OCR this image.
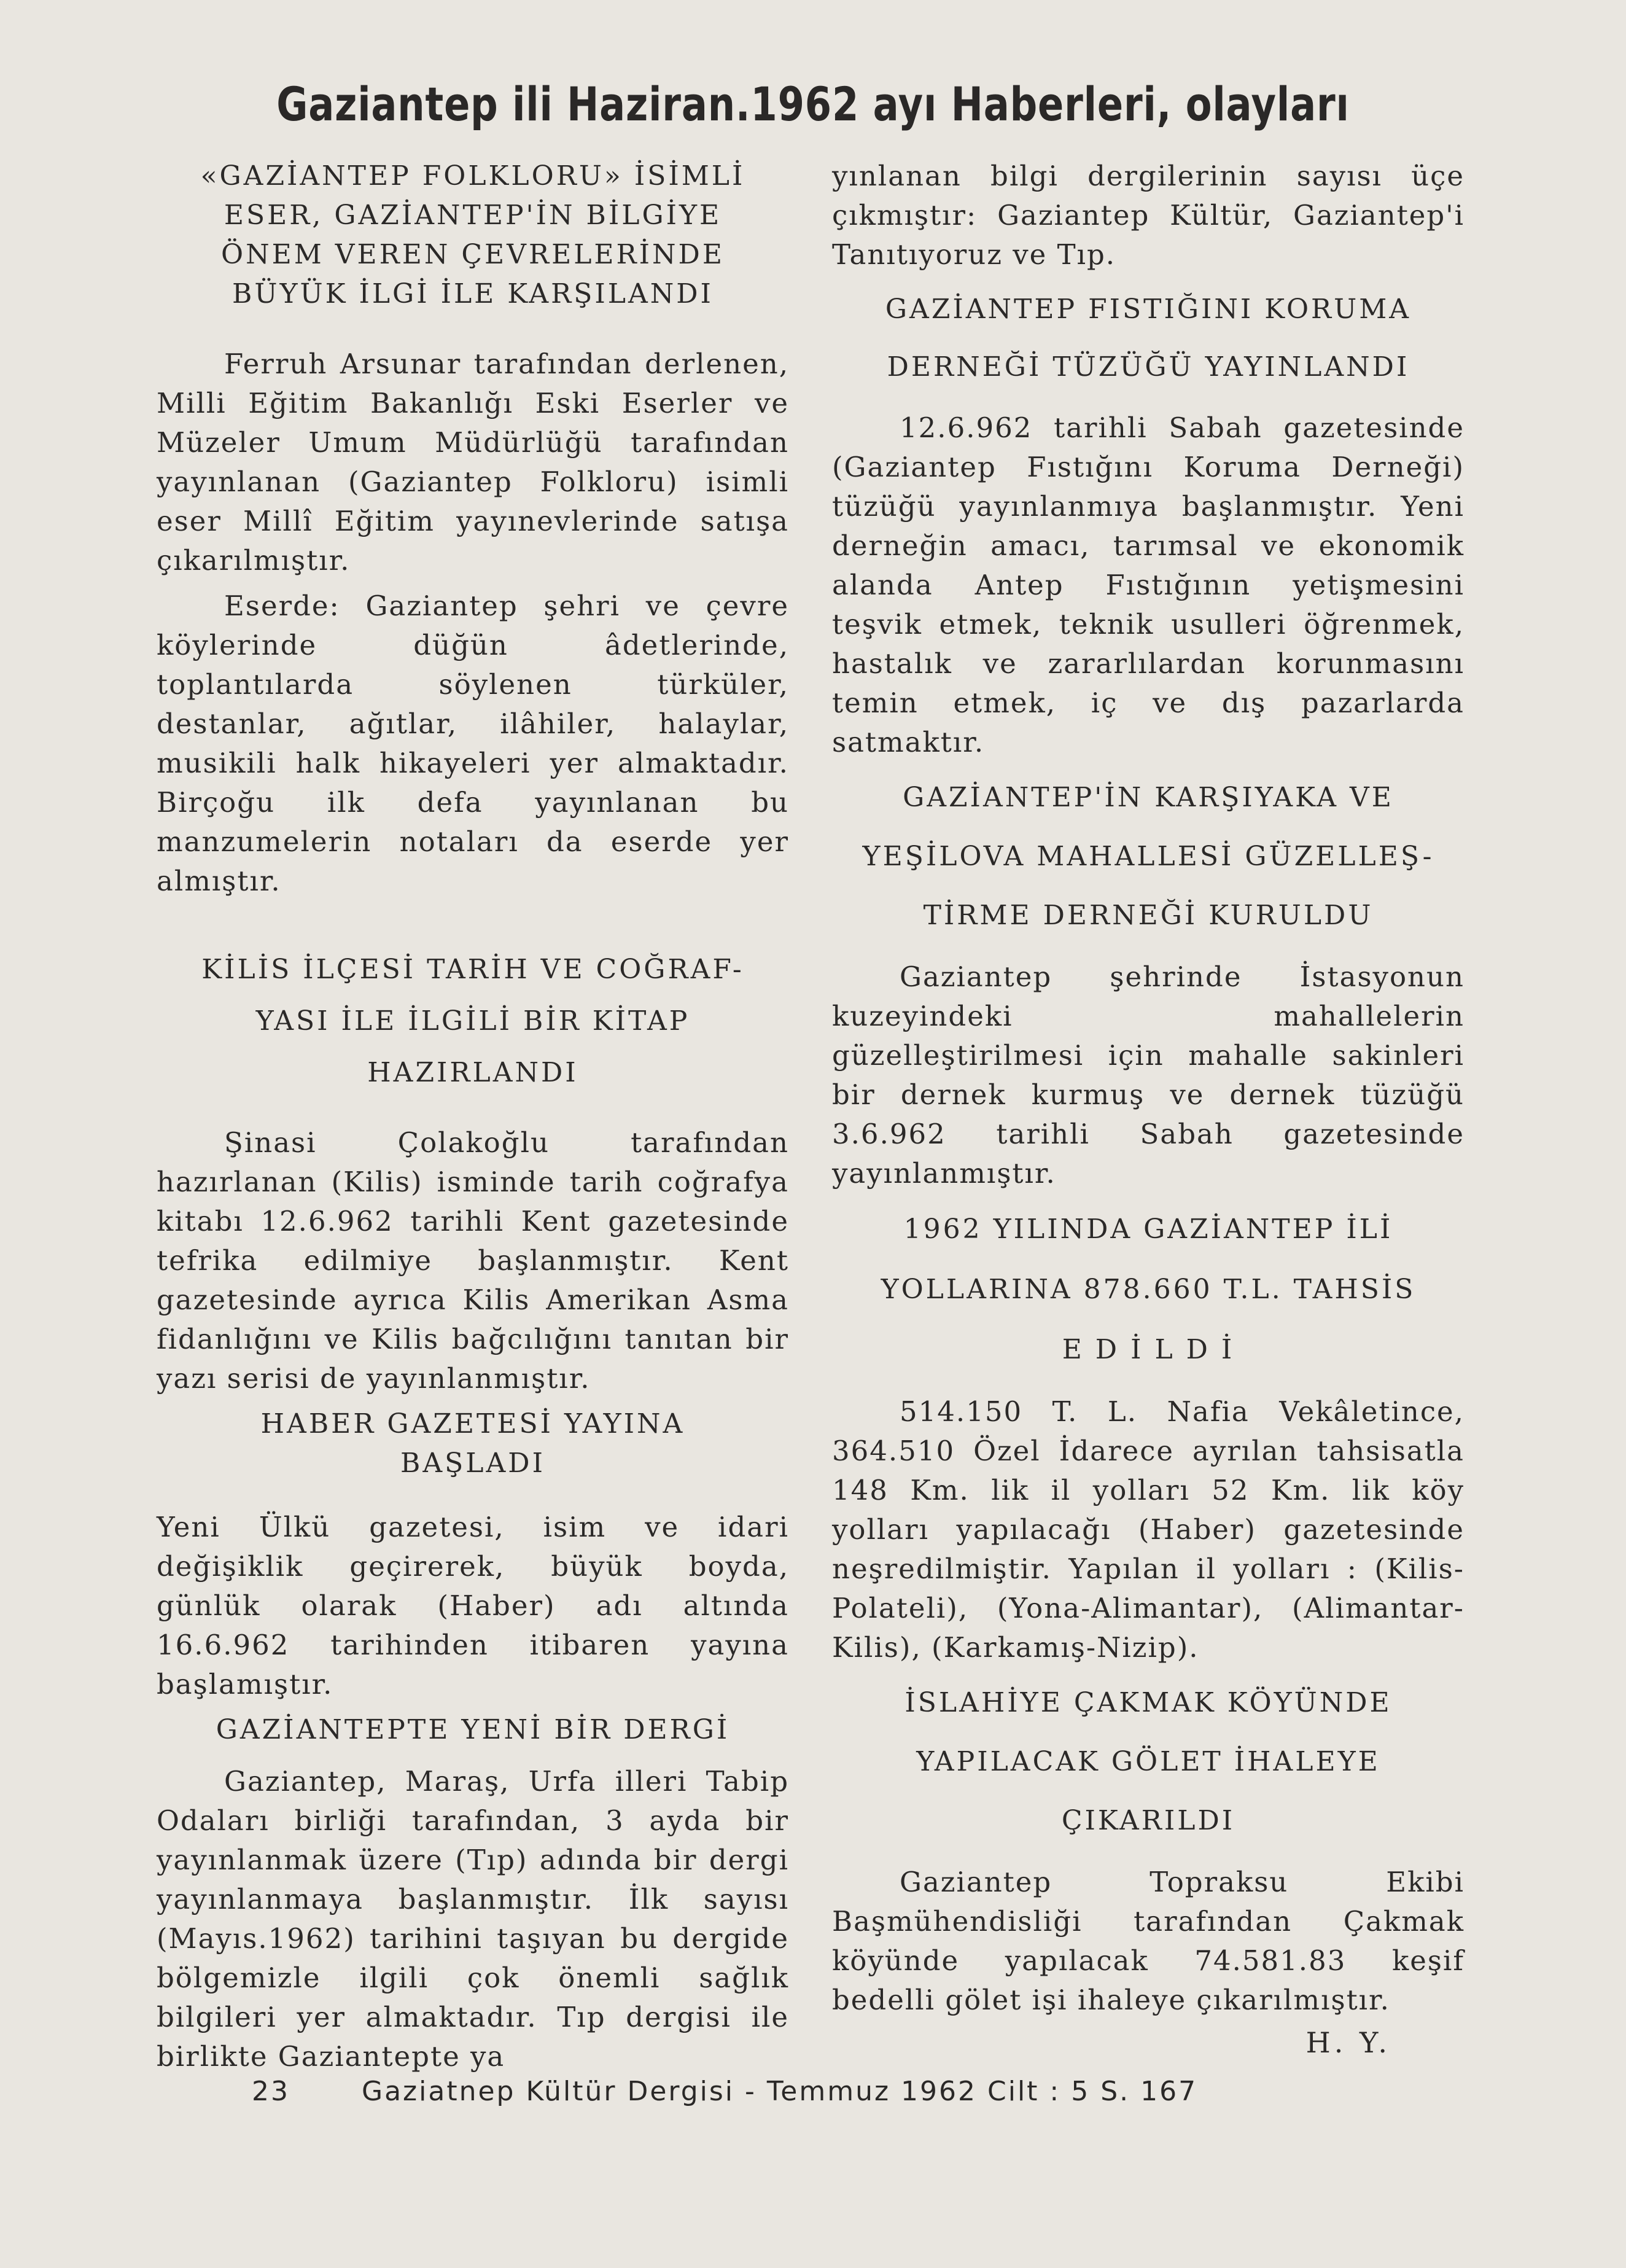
Gaziantep ili Haziran.1962 ayı Haberleri, olayları
«GAZİANTEP FOLKLORU» İSİMLİ
ESER, GAZİANTEP'İN BİLGİYE
ÖNEM VEREN ÇEVRELERİNDE
BÜYÜK İLGİ İLE KARŞILANDI

Ferruh Arsunar tarafından derlenen, Milli Eğitim Bakanlığı Eski Eserler ve Müzeler Umum Müdürlüğü tarafından yayınlanan (Gaziantep Folkloru) isimli eser Millî Eğitim yayınevlerinde satışa çıkarılmıştır.

Eserde: Gaziantep şehri ve çevre köylerinde düğün âdetlerinde, toplantılarda söylenen türküler, destanlar, ağıtlar, ilâhiler, halaylar, musikili halk hikayeleri yer almaktadır. Birçoğu ilk defa yayınlanan bu manzumelerin notaları da eserde yer almıştır.

KİLİS İLÇESİ TARİH VE COĞRAF-
YASI İLE İLGİLİ BİR KİTAP
HAZIRLANDI

Şinasi Çolakoğlu tarafından hazırlanan (Kilis) isminde tarih coğrafya kitabı 12.6.962 tarihli Kent gazetesinde tefrika edilmiye başlanmıştır. Kent gazetesinde ayrıca Kilis Amerikan Asma fidanlığını ve Kilis bağcılığını tanıtan bir yazı serisi de yayınlanmıştır.

HABER GAZETESİ YAYINA
BAŞLADI

Yeni Ülkü gazetesi, isim ve idari değişiklik geçirerek, büyük boyda, günlük olarak (Haber) adı altında 16.6.962 tarihinden itibaren yayına başlamıştır.

GAZİANTEPTE YENİ BİR DERGİ

Gaziantep, Maraş, Urfa illeri Tabip Odaları birliği tarafından, 3 ayda bir yayınlanmak üzere (Tıp) adında bir dergi yayınlanmaya başlanmıştır. İlk sayısı (Mayıs.1962) tarihini taşıyan bu dergide bölgemizle ilgili çok önemli sağlık bilgileri yer almaktadır. Tıp dergisi ile birlikte Gaziantepte ya

yınlanan bilgi dergilerinin sayısı üçe çıkmıştır: Gaziantep Kültür, Gaziantep'i Tanıtıyoruz ve Tıp.

GAZİANTEP FISTIĞINI KORUMA
DERNEĞİ TÜZÜĞÜ YAYINLANDI

12.6.962 tarihli Sabah gazetesinde (Gaziantep Fıstığını Koruma Derneği) tüzüğü yayınlanmıya başlanmıştır. Yeni derneğin amacı, tarımsal ve ekonomik alanda Antep Fıstığının yetişmesini teşvik etmek, teknik usulleri öğrenmek, hastalık ve zararlılardan korunmasını temin etmek, iç ve dış pazarlarda satmaktır.

GAZİANTEP'İN KARŞIYAKA VE
YEŞİLOVA MAHALLESİ GÜZELLEŞ-
TİRME DERNEĞİ KURULDU

Gaziantep şehrinde İstasyonun kuzeyindeki mahallelerin güzelleştirilmesi için mahalle sakinleri bir dernek kurmuş ve dernek tüzüğü 3.6.962 tarihli Sabah gazetesinde yayınlanmıştır.

1962 YILINDA GAZİANTEP İLİ
YOLLARINA 878.660 T.L. TAHSİS
E D İ L D İ

514.150 T. L. Nafia Vekâletince, 364.510 Özel İdarece ayrılan tahsisatla 148 Km. lik il yolları 52 Km. lik köy yolları yapılacağı (Haber) gazetesinde neşredilmiştir. Yapılan il yolları : (Kilis-Polateli), (Yona-Alimantar), (Alimantar-Kilis), (Karkamış-Nizip).

İSLAHİYE ÇAKMAK KÖYÜNDE
YAPILACAK GÖLET İHALEYE
ÇIKARILDI

Gaziantep Topraksu Ekibi Başmühendisliği tarafından Çakmak köyünde yapılacak 74.581.83 keşif bedelli gölet işi ihaleye çıkarılmıştır.

H. Y.
23	Gaziatnep Kültür Dergisi - Temmuz 1962 Cilt : 5 S. 167
